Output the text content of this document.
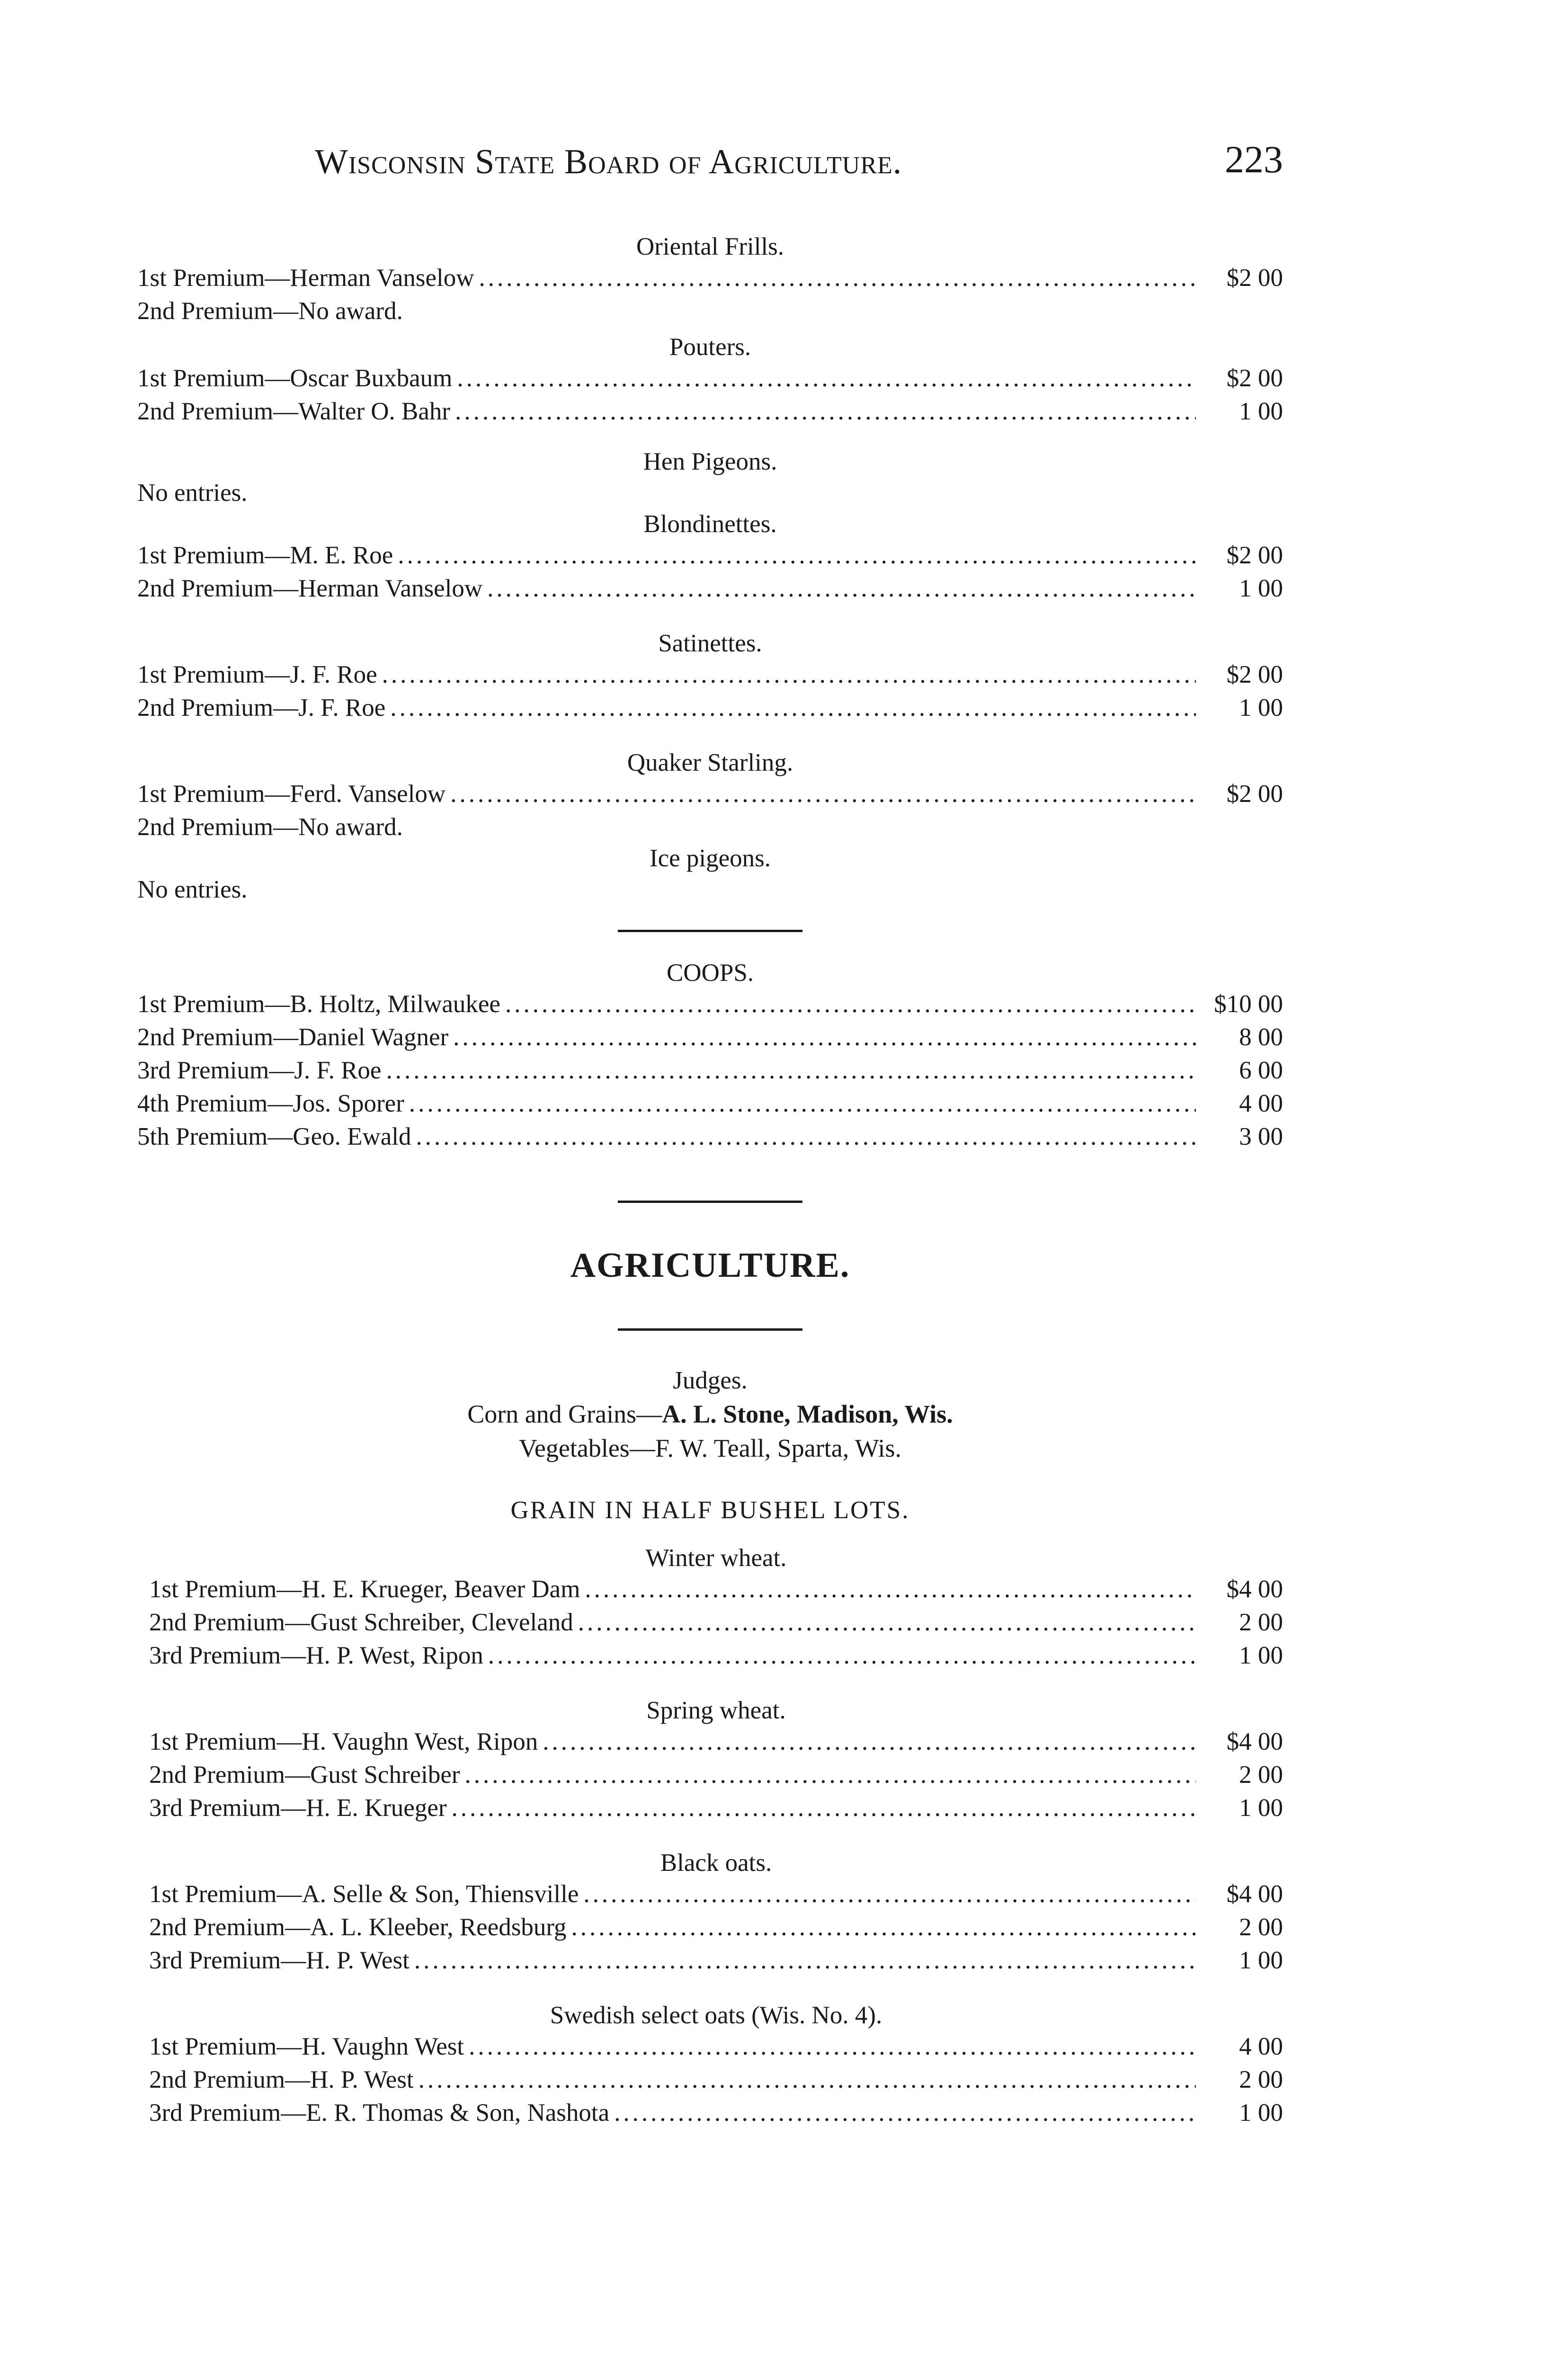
Wisconsin State Board of Agriculture.	223
Oriental Frills.
1st Premium—Herman Vanselow .....	$2 00
2nd Premium—No award.
Pouters.
1st Premium—Oscar Buxbaum .....	$2 00
2nd Premium—Walter O. Bahr .....	1 00
Hen Pigeons.
No entries.
Blondinettes.
1st Premium—M. E. Roe .....	$2 00
2nd Premium—Herman Vanselow .....	1 00
Satinettes.
1st Premium—J. F. Roe .....	$2 00
2nd Premium—J. F. Roe .....	1 00
Quaker Starling.
1st Premium—Ferd. Vanselow .....	$2 00
2nd Premium—No award.
Ice pigeons.
No entries.
COOPS.
1st Premium—B. Holtz, Milwaukee .....	$10 00
2nd Premium—Daniel Wagner .....	8 00
3rd Premium—J. F. Roe .....	6 00
4th Premium—Jos. Sporer .....	4 00
5th Premium—Geo. Ewald .....	3 00
AGRICULTURE.
Judges.
Corn and Grains—A. L. Stone, Madison, Wis.
Vegetables—F. W. Teall, Sparta, Wis.
GRAIN IN HALF BUSHEL LOTS.
Winter wheat.
1st Premium—H. E. Krueger, Beaver Dam .....	$4 00
2nd Premium—Gust Schreiber, Cleveland .....	2 00
3rd Premium—H. P. West, Ripon .....	1 00
Spring wheat.
1st Premium—H. Vaughn West, Ripon .....	$4 00
2nd Premium—Gust Schreiber .....	2 00
3rd Premium—H. E. Krueger .....	1 00
Black oats.
1st Premium—A. Selle & Son, Thiensville .....	$4 00
2nd Premium—A. L. Kleeber, Reedsburg .....	2 00
3rd Premium—H. P. West .....	1 00
Swedish select oats (Wis. No. 4).
1st Premium—H. Vaughn West .....	4 00
2nd Premium—H. P. West .....	2 00
3rd Premium—E. R. Thomas & Son, Nashota .....	1 00
